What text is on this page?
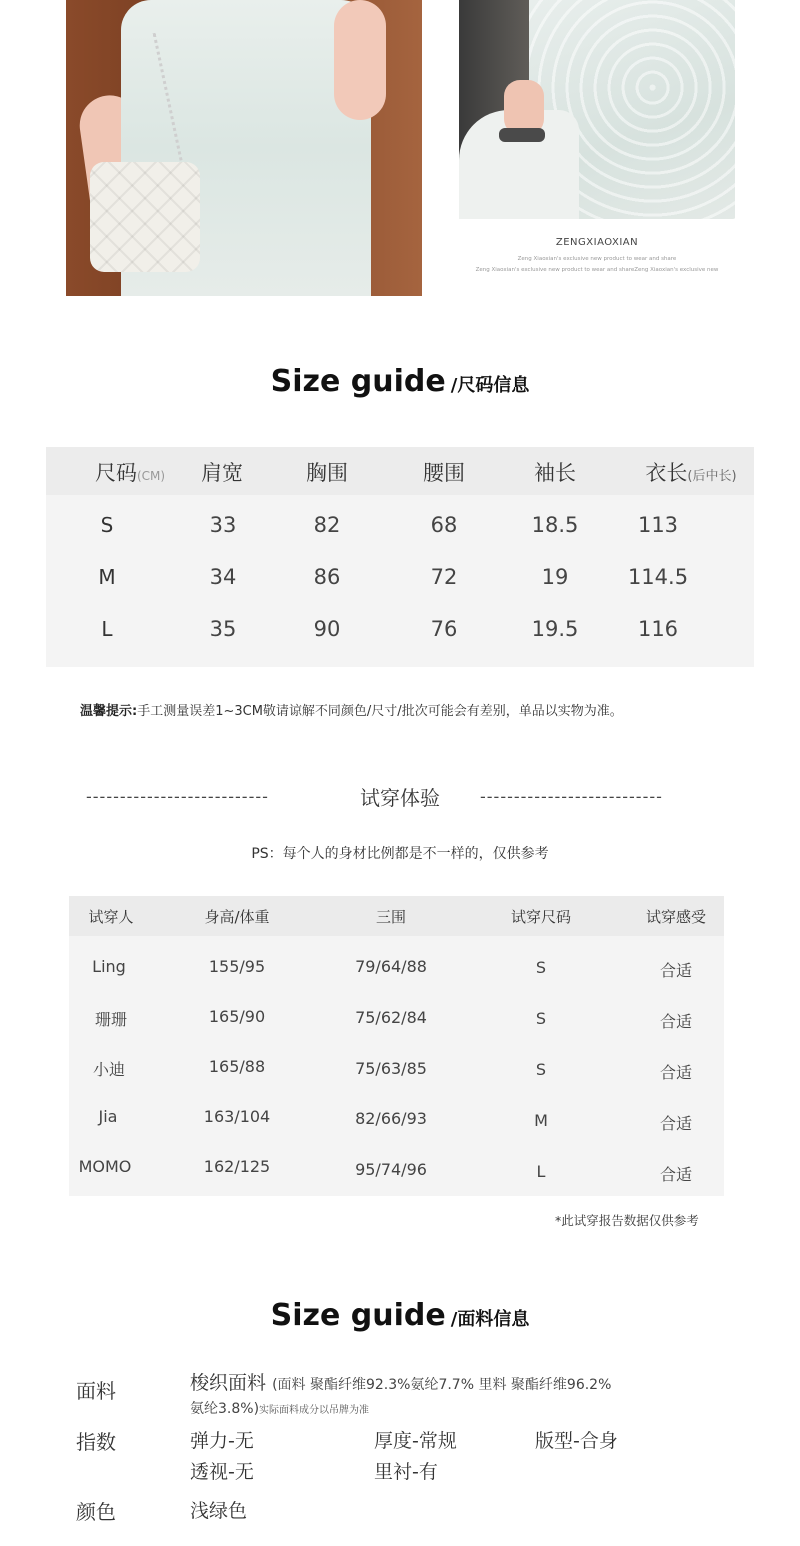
ZENGXIAOXIAN
Zeng Xiaoxian's exclusive new product to wear and share
Zeng Xiaoxian's exclusive new product to wear and shareZeng Xiaoxian's exclusive new
Size guide /尺码信息
尺码(CM) 肩宽	胸围	腰围	袖长	衣长(后中长)
S	33	82	68	18.5	113
M	34	86	72	19	114.5
L	35	90	76	19.5	116
温馨提示:手工测量误差1~3CM敬请谅解不同颜色/尺寸/批次可能会有差别，单品以实物为准。
---------------------------	试穿体验	---------------------------
PS：每个人的身材比例都是不一样的，仅供参考
试穿人	身高/体重	三围	试穿尺码	试穿感受
Ling	155/95	79/64/88	S	合适
珊珊	165/90	75/62/84	S	合适
小迪	165/88	75/63/85	S	合适
Jia	163/104	82/66/93	M	合适
MOMO	162/125	95/74/96	L	合适
*此试穿报告数据仅供参考
Size guide /面料信息
面料	梭织面料 (面料 聚酯纤维92.3%氨纶7.7% 里料 聚酯纤维96.2%
氨纶3.8%)实际面料成分以吊牌为准
指数	弹力-无	厚度-常规	版型-合身
透视-无	里衬-有
颜色	浅绿色
